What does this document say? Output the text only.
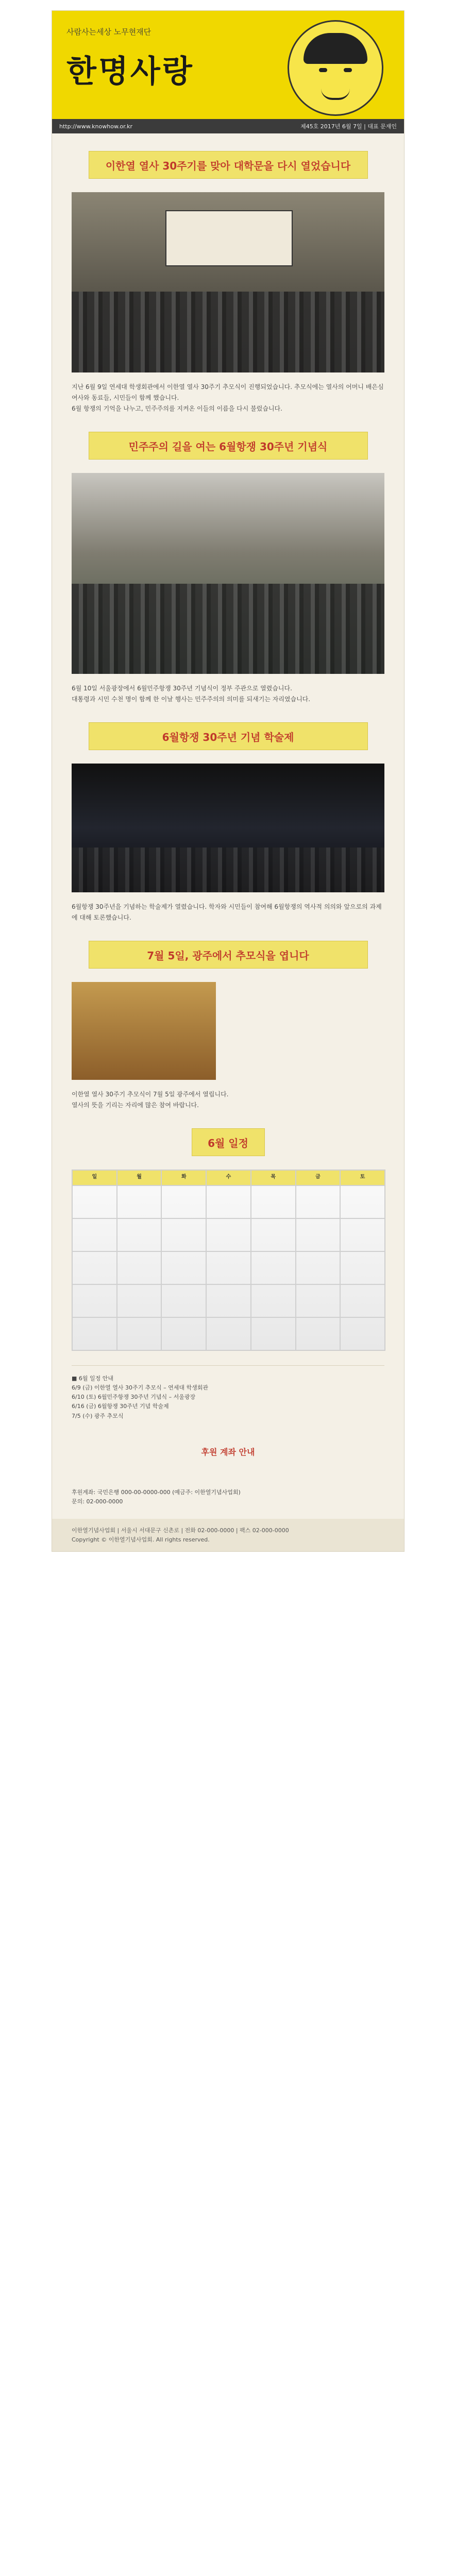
사람사는세상 노무현재단
한명사랑
http://www.knowhow.or.kr	제45호 2017년 6월 7일 | 대표 문재인
이한열 열사 30주기를 맞아 대학문을 다시 열었습니다

지난 6월 9일 연세대 학생회관에서 이한열 열사 30주기 추모식이 진행되었습니다. 추모식에는 열사의 어머니 배은심 여사와 동료들, 시민들이 함께 했습니다.
6월 항쟁의 기억을 나누고, 민주주의를 지켜온 이들의 이름을 다시 불렀습니다.

민주주의 길을 여는 6월항쟁 30주년 기념식

6월 10일 서울광장에서 6월민주항쟁 30주년 기념식이 정부 주관으로 열렸습니다.
대통령과 시민 수천 명이 함께 한 이날 행사는 민주주의의 의미를 되새기는 자리였습니다.

6월항쟁 30주년 기념 학술제

6월항쟁 30주년을 기념하는 학술제가 열렸습니다. 학자와 시민들이 참여해 6월항쟁의 역사적 의의와 앞으로의 과제에 대해 토론했습니다.

7월 5일, 광주에서 추모식을 엽니다

이한열 열사 30주기 추모식이 7월 5일 광주에서 열립니다.
열사의 뜻을 기리는 자리에 많은 참여 바랍니다.

6월 일정
일	월	화	수	목	금	토
■ 6월 일정 안내
6/9 (금) 이한열 열사 30주기 추모식 – 연세대 학생회관
6/10 (토) 6월민주항쟁 30주년 기념식 – 서울광장
6/16 (금) 6월항쟁 30주년 기념 학술제
7/5 (수) 광주 추모식
후원 계좌 안내
후원계좌: 국민은행 000-00-0000-000 (예금주: 이한열기념사업회)
문의: 02-000-0000
이한열기념사업회 | 서울시 서대문구 신촌로 | 전화 02-000-0000 | 팩스 02-000-0000
Copyright © 이한열기념사업회. All rights reserved.
